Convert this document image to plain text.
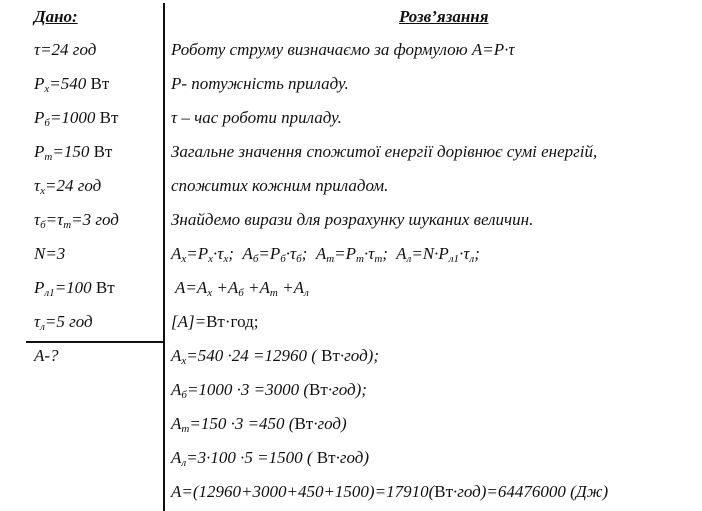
Дано:
τ=24 год
$P_x=540$ Вт
$P_б=1000$ Вт
$P_m=150$ Вт
$\tau_x=24$ год
$\tau_б=\tau_m=3$ год
N=3
$P_{л1}=100$ Вт
$\tau_л=5$ год
А-?
Розв’язання
Роботу струму визначаємо за формулою A=P·τ
P- потужність приладу.
τ – час роботи приладу.
Загальне значення спожитої енергії дорівнює сумі енергій,
спожитих кожним приладом.
Знайдемо вирази для розрахунку шуканих величин.
$A_х=P_х\cdot\tau_х$;  $A_б=P_б\cdot\tau_б$;  $A_m=P_m\cdot\tau_m$;  $A_л=N\cdot P_{л1}\cdot\tau_л$;
$A=A_х +A_б +A_m +A_л$
[A]=Вт·год;
$A_х=540 \cdot 24 =12960$ ( Вт·год);
$A_б=1000 \cdot 3 =3000$ (Вт·год);
$A_m=150 \cdot 3 =450$ (Вт·год)
$A_л=3\cdot 100 \cdot 5 =1500$ ( Вт·год)
A=(12960+3000+450+1500)=17910(Вт·год)=64476000 (Дж)
